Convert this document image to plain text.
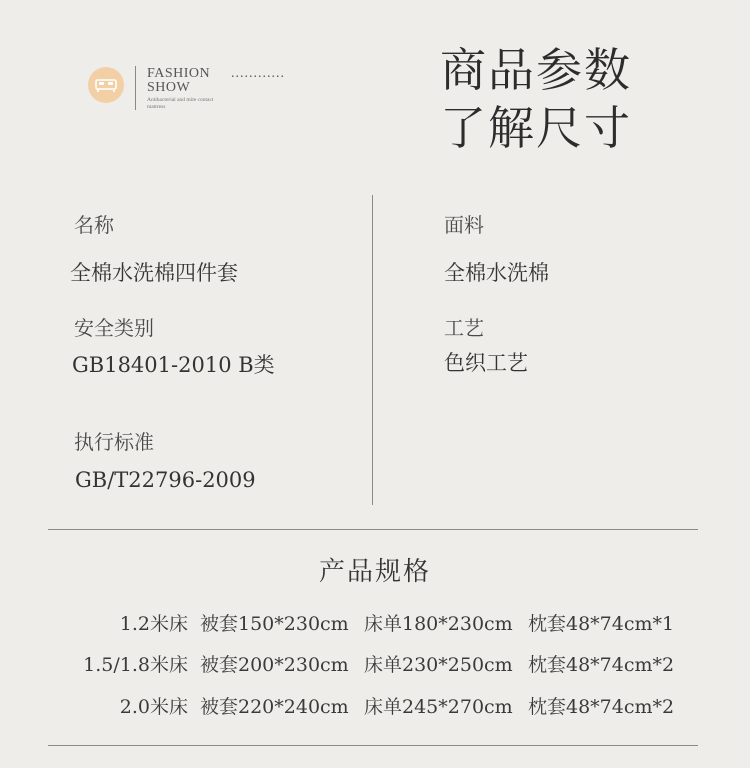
FASHION
SHOW
Antibacterial and mite contact mattress
............	商品参数
了解尺寸
名称
全棉水洗棉四件套
安全类别
GB18401-2010 B类
执行标准
GB/T22796-2009
面料
全棉水洗棉
工艺
色织工艺
产品规格
1.2米床 被套150*230cm 床单180*230cm 枕套48*74cm*1
1.5/1.8米床 被套200*230cm 床单230*250cm 枕套48*74cm*2
2.0米床 被套220*240cm 床单245*270cm 枕套48*74cm*2
